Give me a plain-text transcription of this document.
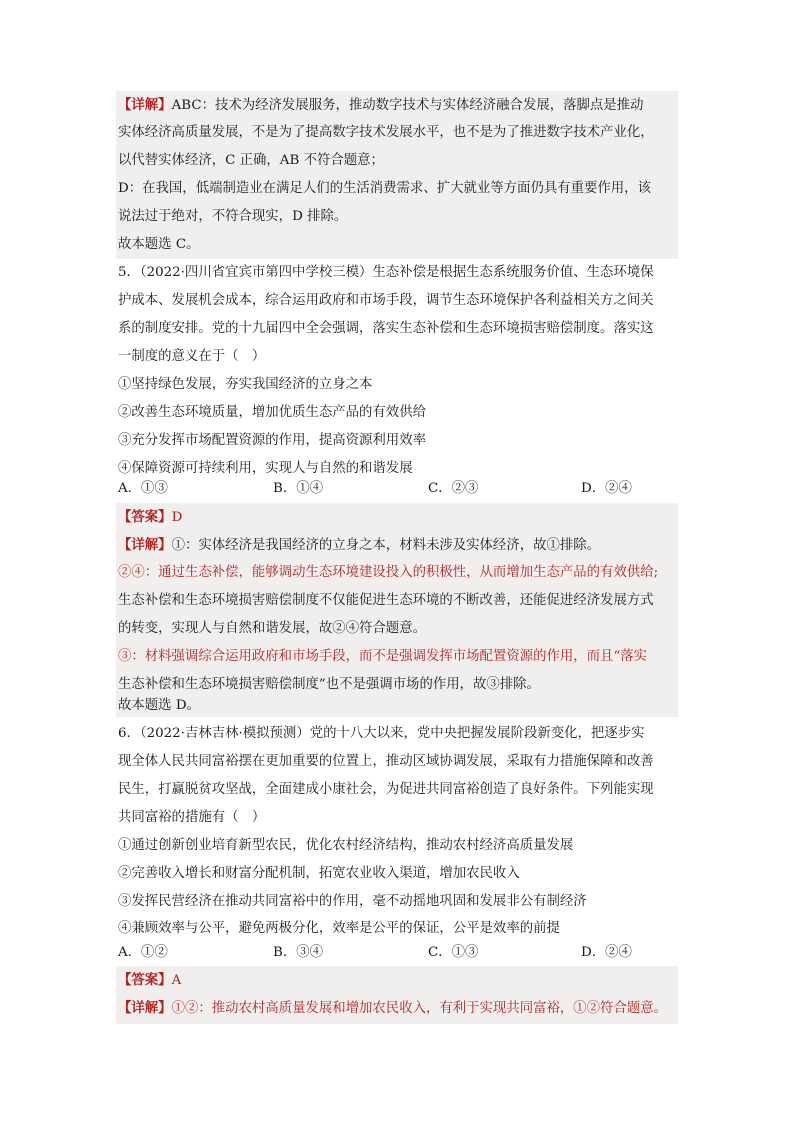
【详解】ABC：技术为经济发展服务，推动数字技术与实体经济融合发展，落脚点是推动
实体经济高质量发展，不是为了提高数字技术发展水平，也不是为了推进数字技术产业化，
以代替实体经济，C 正确，AB 不符合题意；
D：在我国，低端制造业在满足人们的生活消费需求、扩大就业等方面仍具有重要作用，该
说法过于绝对，不符合现实，D 排除。
故本题选 C。
5．（2022·四川省宜宾市第四中学校三模）生态补偿是根据生态系统服务价值、生态环境保
护成本、发展机会成本，综合运用政府和市场手段，调节生态环境保护各利益相关方之间关
系的制度安排。党的十九届四中全会强调，落实生态补偿和生态环境损害赔偿制度。落实这
一制度的意义在于（　）
①坚持绿色发展，夯实我国经济的立身之本
②改善生态环境质量，增加优质生态产品的有效供给
③充分发挥市场配置资源的作用，提高资源利用效率
④保障资源可持续利用，实现人与自然的和谐发展
A．①③	B．①④	C．②③	D．②④
【答案】D
【详解】①：实体经济是我国经济的立身之本，材料未涉及实体经济，故①排除。
②④：通过生态补偿，能够调动生态环境建设投入的积极性，从而增加生态产品的有效供给;
生态补偿和生态环境损害赔偿制度不仅能促进生态环境的不断改善，还能促进经济发展方式
的转变，实现人与自然和谐发展，故②④符合题意。
③：材料强调综合运用政府和市场手段，而不是强调发挥市场配置资源的作用，而且“落实
生态补偿和生态环境损害赔偿制度”也不是强调市场的作用，故③排除。
故本题选 D。
6．（2022·吉林吉林·模拟预测）党的十八大以来，党中央把握发展阶段新变化，把逐步实
现全体人民共同富裕摆在更加重要的位置上，推动区域协调发展，采取有力措施保障和改善
民生，打赢脱贫攻坚战，全面建成小康社会，为促进共同富裕创造了良好条件。下列能实现
共同富裕的措施有（　）
①通过创新创业培育新型农民，优化农村经济结构，推动农村经济高质量发展
②完善收入增长和财富分配机制，拓宽农业收入渠道，增加农民收入
③发挥民营经济在推动共同富裕中的作用，毫不动摇地巩固和发展非公有制经济
④兼顾效率与公平，避免两极分化，效率是公平的保证，公平是效率的前提
A．①②	B．③④	C．①③	D．②④
【答案】A
【详解】①②：推动农村高质量发展和增加农民收入，有利于实现共同富裕，①②符合题意。
